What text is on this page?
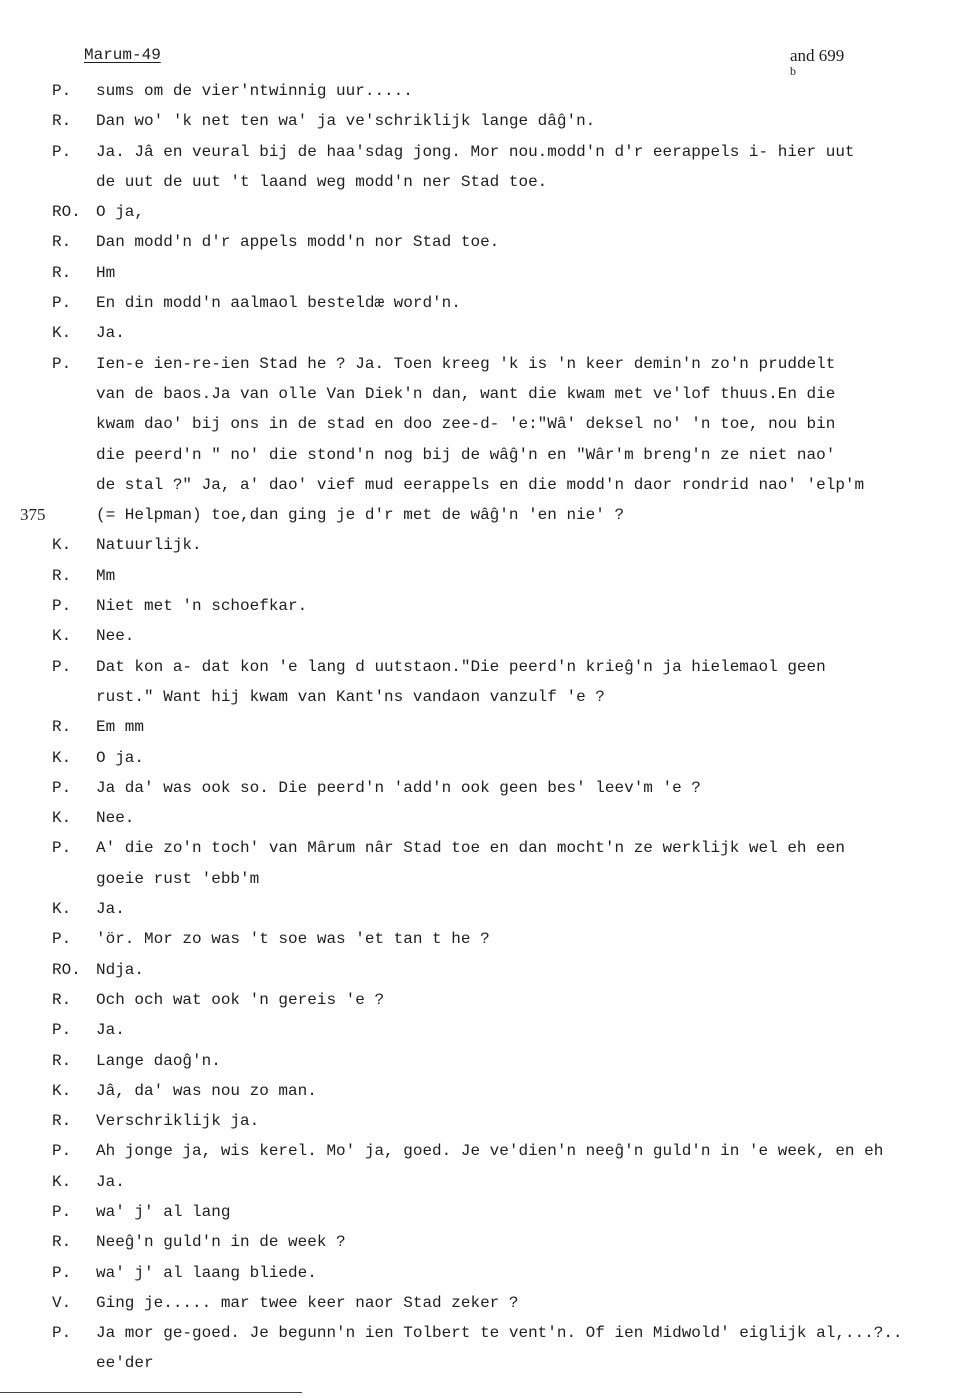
Marum-49	and 699
b
P. sums om de vier'ntwinnig uur.....
R. Dan wo' 'k net ten wa' ja ve'schriklijk lange dâĝ'n.
P. Ja. Jâ en veural bij de haa'sdag jong. Mor nou.modd'n d'r eerappels i- hier uut
de uut de uut 't laand weg modd'n ner Stad toe.
RO. O ja,
R. Dan modd'n d'r appels modd'n nor Stad toe.
R. Hm
P. En din modd'n aalmaol besteldæ word'n.
K. Ja.
P. Ien-e ien-re-ien Stad he ? Ja. Toen kreeg 'k is 'n keer demin'n zo'n pruddelt
van de baos.Ja van olle Van Diek'n dan, want die kwam met ve'lof thuus.En die
kwam dao' bij ons in de stad en doo zee-d- 'e:"Wâ' deksel no' 'n toe, nou bin
die peerd'n " no' die stond'n nog bij de wâĝ'n en "Wâr'm breng'n ze niet nao'
de stal ?" Ja, a' dao' vief mud eerappels en die modd'n daor rondrid nao' 'elp'm
375	(= Helpman) toe,dan ging je d'r met de wâĝ'n 'en nie' ?
K. Natuurlijk.
R. Mm
P. Niet met 'n schoefkar.
K. Nee.
P. Dat kon a- dat kon 'e lang d uutstaon."Die peerd'n krieĝ'n ja hielemaol geen
rust." Want hij kwam van Kant'ns vandaon vanzulf 'e ?
R. Em mm
K. O ja.
P. Ja da' was ook so. Die peerd'n 'add'n ook geen bes' leev'm 'e ?
K. Nee.
P. A' die zo'n toch' van Mârum nâr Stad toe en dan mocht'n ze werklijk wel eh een
goeie rust 'ebb'm
K. Ja.
P. 'ör. Mor zo was 't soe was 'et tan t he ?
RO. Ndja.
R. Och och wat ook 'n gereis 'e ?
P. Ja.
R. Lange daoĝ'n.
K. Jâ, da' was nou zo man.
R. Verschriklijk ja.
P. Ah jonge ja, wis kerel. Mo' ja, goed. Je ve'dien'n neeĝ'n guld'n in 'e week, en eh
K. Ja.
P. wa' j' al lang
R. Neeĝ'n guld'n in de week ?
P. wa' j' al laang bliede.
V. Ging je..... mar twee keer naor Stad zeker ?
P. Ja mor ge-goed. Je begunn'n ien Tolbert te vent'n. Of ien Midwold' eiglijk al,...?..
ee'der
